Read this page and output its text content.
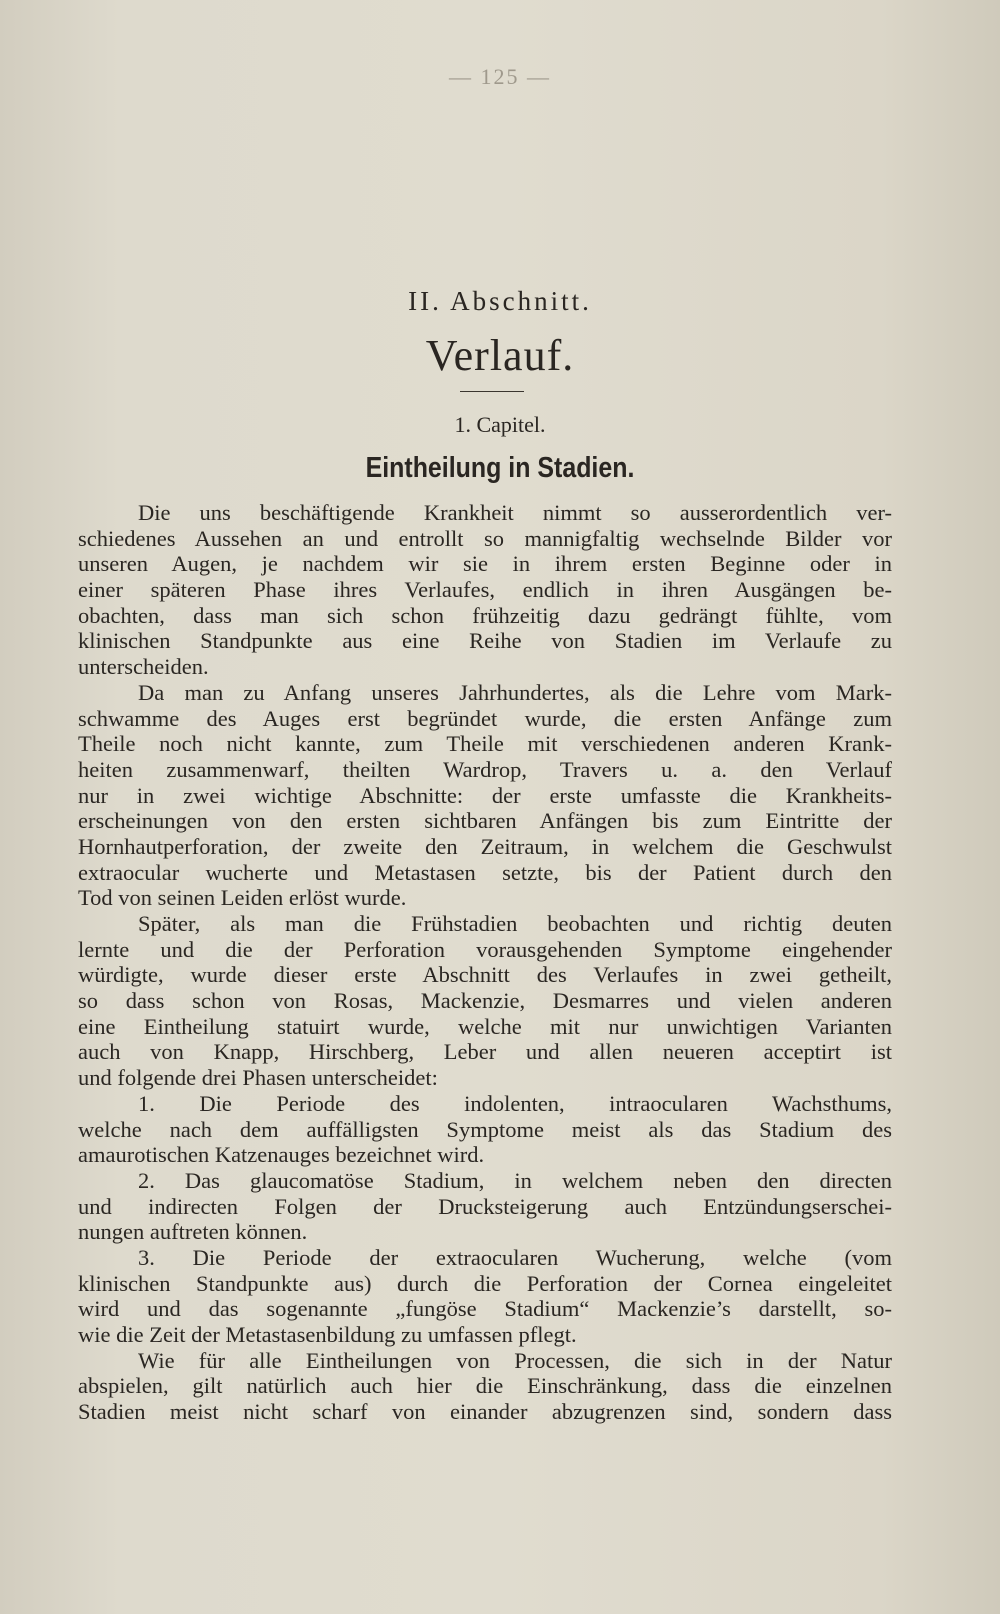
— 125 —
II. Abschnitt.
Verlauf.
1. Capitel.
Eintheilung in Stadien.
Die uns beschäftigende Krankheit nimmt so ausserordentlich ver-
schiedenes Aussehen an und entrollt so mannigfaltig wechselnde Bilder vor
unseren Augen, je nachdem wir sie in ihrem ersten Beginne oder in
einer späteren Phase ihres Verlaufes, endlich in ihren Ausgängen be-
obachten, dass man sich schon frühzeitig dazu gedrängt fühlte, vom
klinischen Standpunkte aus eine Reihe von Stadien im Verlaufe zu
unterscheiden.
Da man zu Anfang unseres Jahrhundertes, als die Lehre vom Mark-
schwamme des Auges erst begründet wurde, die ersten Anfänge zum
Theile noch nicht kannte, zum Theile mit verschiedenen anderen Krank-
heiten zusammenwarf, theilten Wardrop, Travers u. a. den Verlauf
nur in zwei wichtige Abschnitte: der erste umfasste die Krankheits-
erscheinungen von den ersten sichtbaren Anfängen bis zum Eintritte der
Hornhautperforation, der zweite den Zeitraum, in welchem die Geschwulst
extraocular wucherte und Metastasen setzte, bis der Patient durch den
Tod von seinen Leiden erlöst wurde.
Später, als man die Frühstadien beobachten und richtig deuten
lernte und die der Perforation vorausgehenden Symptome eingehender
würdigte, wurde dieser erste Abschnitt des Verlaufes in zwei getheilt,
so dass schon von Rosas, Mackenzie, Desmarres und vielen anderen
eine Eintheilung statuirt wurde, welche mit nur unwichtigen Varianten
auch von Knapp, Hirschberg, Leber und allen neueren acceptirt ist
und folgende drei Phasen unterscheidet:
1. Die Periode des indolenten, intraocularen Wachsthums,
welche nach dem auffälligsten Symptome meist als das Stadium des
amaurotischen Katzenauges bezeichnet wird.
2. Das glaucomatöse Stadium, in welchem neben den directen
und indirecten Folgen der Drucksteigerung auch Entzündungserschei-
nungen auftreten können.
3. Die Periode der extraocularen Wucherung, welche (vom
klinischen Standpunkte aus) durch die Perforation der Cornea eingeleitet
wird und das sogenannte „fungöse Stadium“ Mackenzie’s darstellt, so-
wie die Zeit der Metastasenbildung zu umfassen pflegt.
Wie für alle Eintheilungen von Processen, die sich in der Natur
abspielen, gilt natürlich auch hier die Einschränkung, dass die einzelnen
Stadien meist nicht scharf von einander abzugrenzen sind, sondern dass
